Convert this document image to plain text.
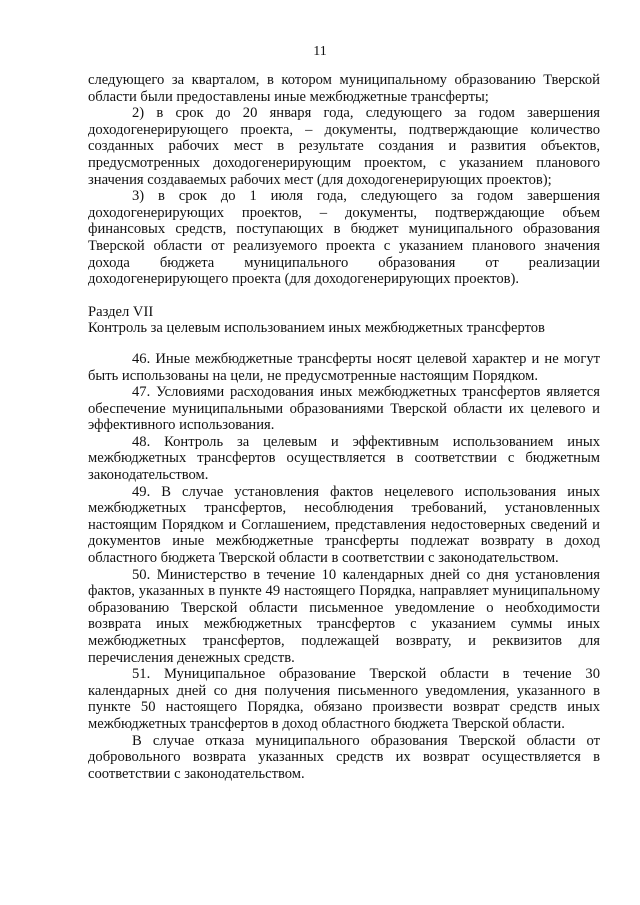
11

следующего за кварталом, в котором муниципальному образованию Тверской области были предоставлены иные межбюджетные трансферты;

2) в срок до 20 января года, следующего за годом завершения доходогенерирующего проекта, – документы, подтверждающие количество созданных рабочих мест в результате создания и развития объектов, предусмотренных доходогенерирующим проектом, с указанием планового значения создаваемых рабочих мест (для доходогенерирующих проектов);

3) в срок до 1 июля года, следующего за годом завершения доходогенерирующих проектов, – документы, подтверждающие объем финансовых средств, поступающих в бюджет муниципального образования Тверской области от реализуемого проекта с указанием планового значения дохода бюджета муниципального образования от реализации доходогенерирующего проекта (для доходогенерирующих проектов).

Раздел VII

Контроль за целевым использованием иных межбюджетных трансфертов

46. Иные межбюджетные трансферты носят целевой характер и не могут быть использованы на цели, не предусмотренные настоящим Порядком.

47. Условиями расходования иных межбюджетных трансфертов является обеспечение муниципальными образованиями Тверской области их целевого и эффективного использования.

48. Контроль за целевым и эффективным использованием иных межбюджетных трансфертов осуществляется в соответствии с бюджетным законодательством.

49. В случае установления фактов нецелевого использования иных межбюджетных трансфертов, несоблюдения требований, установленных настоящим Порядком и Соглашением, представления недостоверных сведений и документов иные межбюджетные трансферты подлежат возврату в доход областного бюджета Тверской области в соответствии с законодательством.

50. Министерство в течение 10 календарных дней со дня установления фактов, указанных в пункте 49 настоящего Порядка, направляет муниципальному образованию Тверской области письменное уведомление о необходимости возврата иных межбюджетных трансфертов с указанием суммы иных межбюджетных трансфертов, подлежащей возврату, и реквизитов для перечисления денежных средств.

51. Муниципальное образование Тверской области в течение 30 календарных дней со дня получения письменного уведомления, указанного в пункте 50 настоящего Порядка, обязано произвести возврат средств иных межбюджетных трансфертов в доход областного бюджета Тверской области.

В случае отказа муниципального образования Тверской области от добровольного возврата указанных средств их возврат осуществляется в соответствии с законодательством.
